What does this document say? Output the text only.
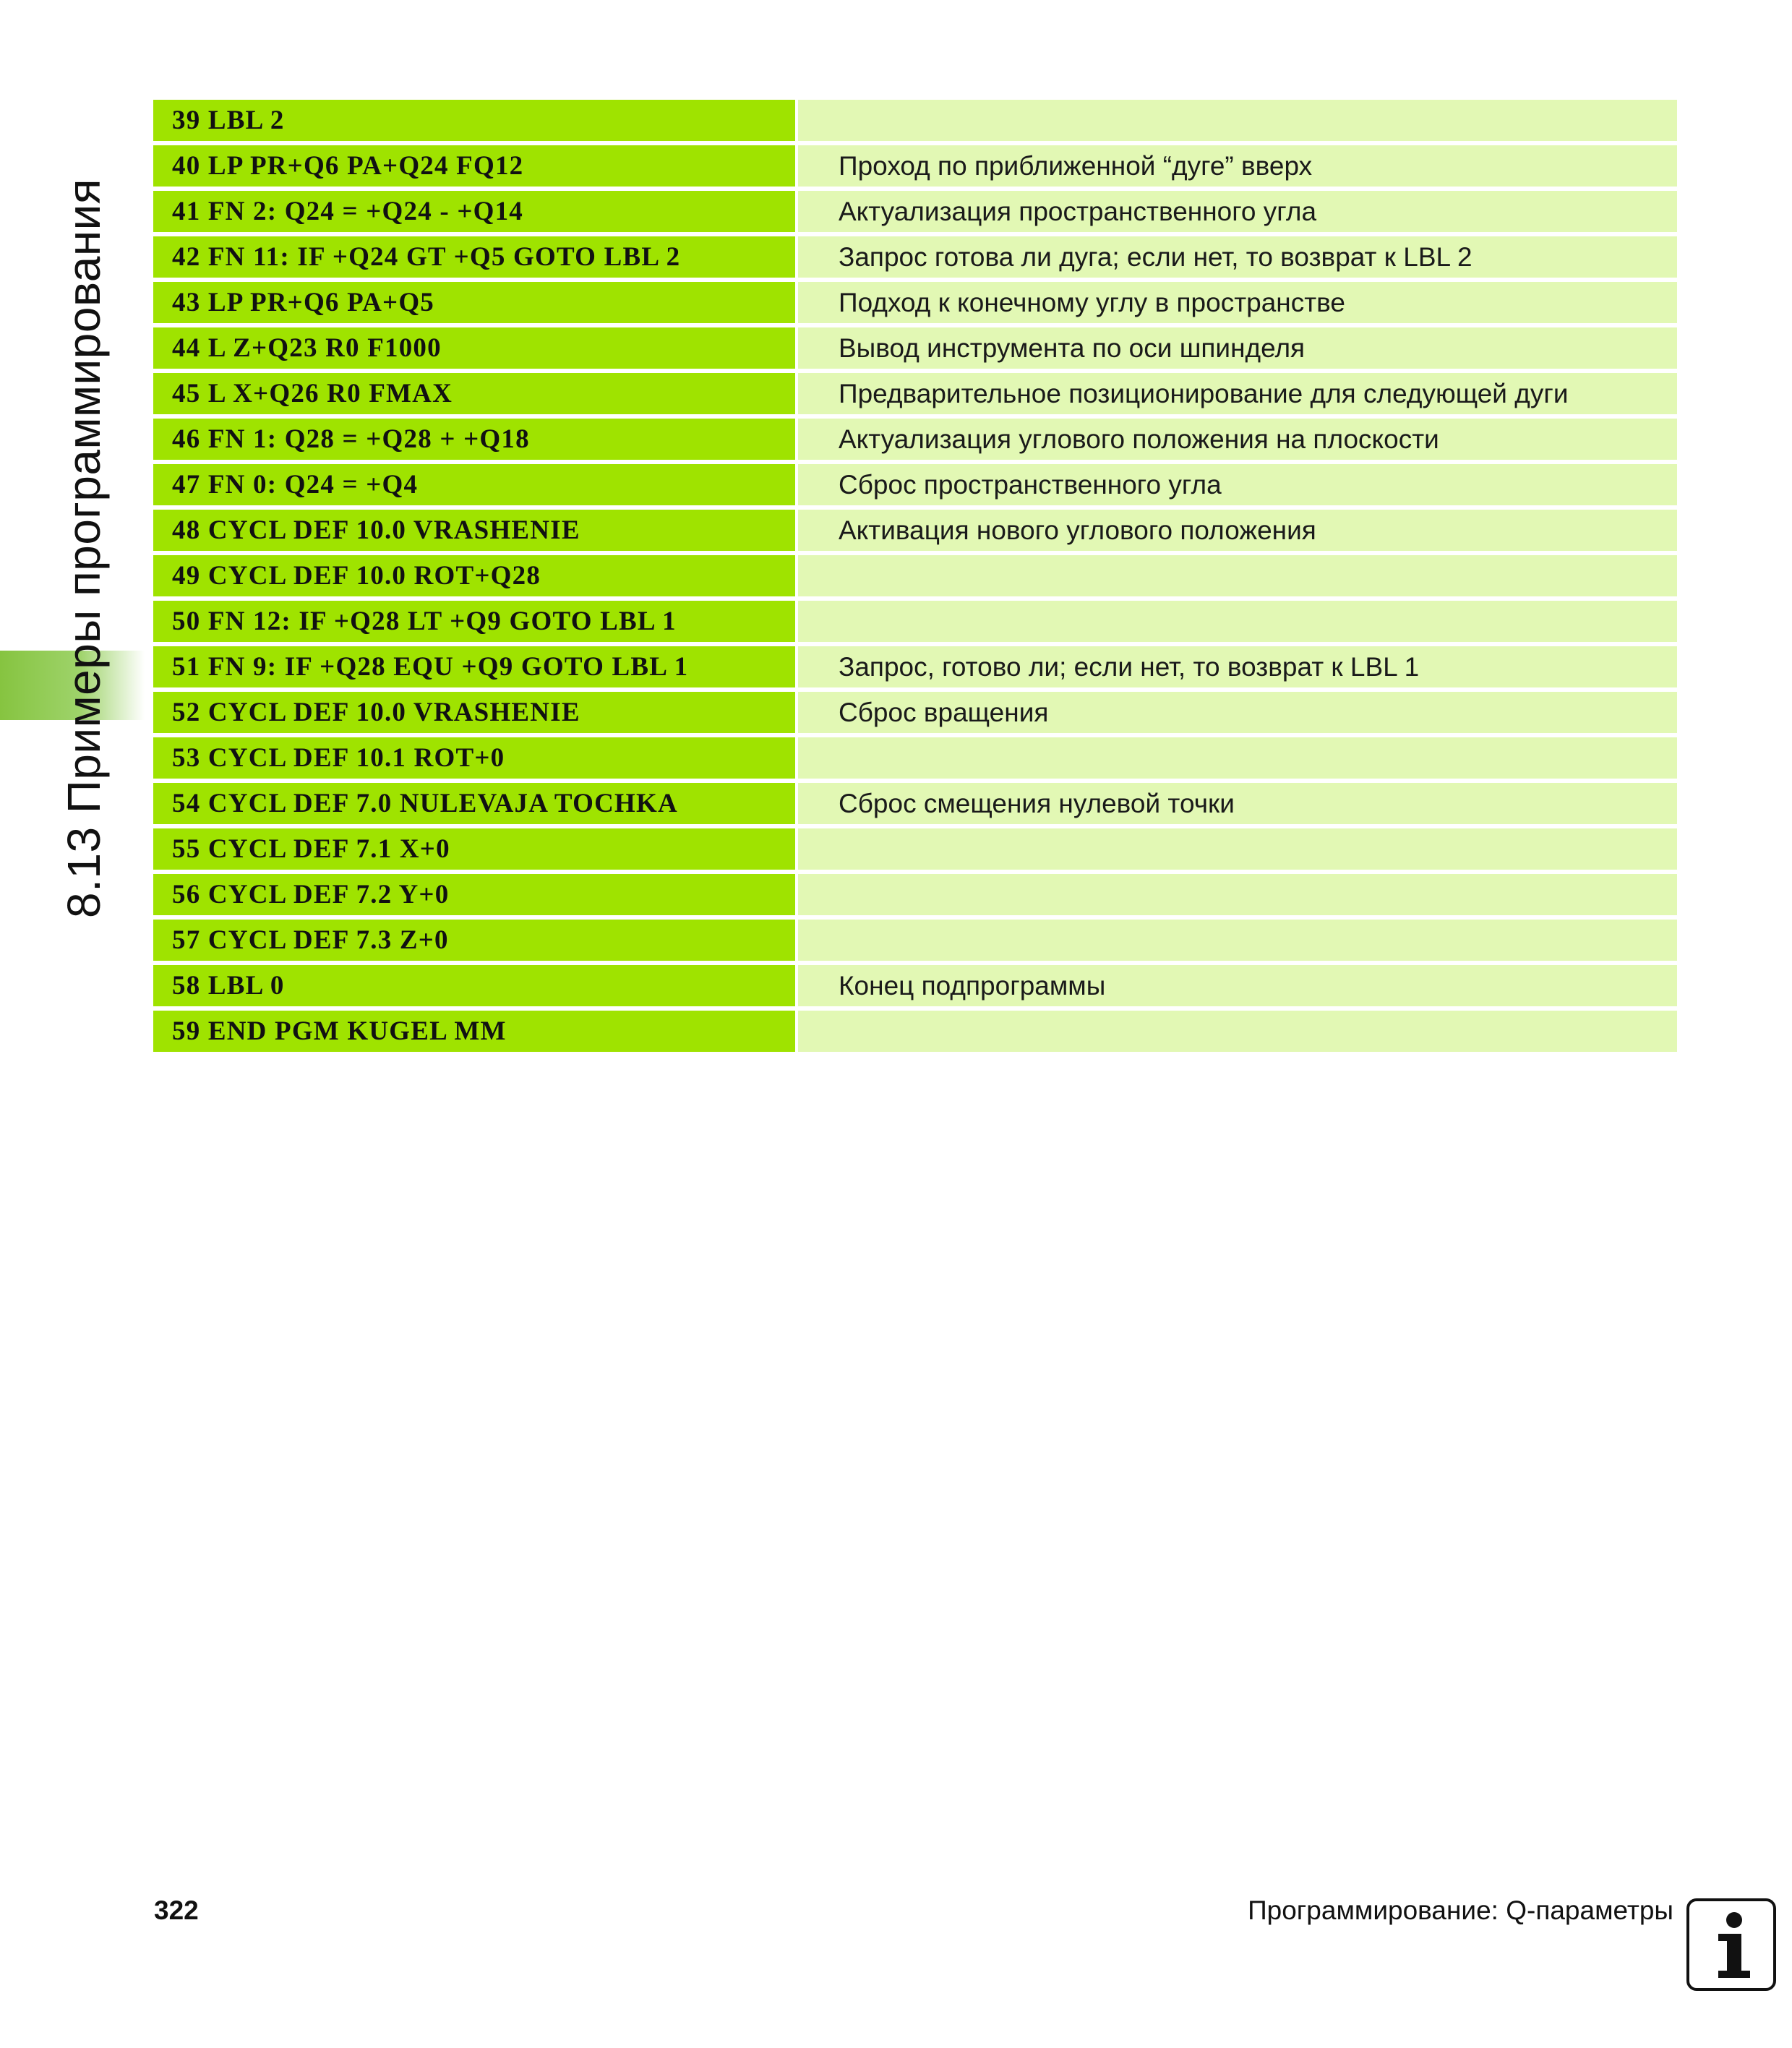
8.13 Примеры программирования
39 LBL 2
40 LP PR+Q6 PA+Q24 FQ12	Проход по приближенной “дуге” вверх
41 FN 2: Q24 = +Q24 - +Q14	Актуализация пространственного угла
42 FN 11: IF +Q24 GT +Q5 GOTO LBL 2	Запрос готова ли дуга; если нет, то возврат к LBL 2
43 LP PR+Q6 PA+Q5	Подход к конечному углу в пространстве
44 L Z+Q23 R0 F1000	Вывод инструмента по оси шпинделя
45 L X+Q26 R0 FMAX	Предварительное позиционирование для следующей дуги
46 FN 1: Q28 = +Q28 + +Q18	Актуализация углового положения на плоскости
47 FN 0: Q24 = +Q4	Сброс пространственного угла
48 CYCL DEF 10.0 VRASHENIE	Активация нового углового положения
49 CYCL DEF 10.0 ROT+Q28
50 FN 12: IF +Q28 LT +Q9 GOTO LBL 1
51 FN 9: IF +Q28 EQU +Q9 GOTO LBL 1	Запрос, готово ли; если нет, то возврат к LBL 1
52 CYCL DEF 10.0 VRASHENIE	Сброс вращения
53 CYCL DEF 10.1 ROT+0
54 CYCL DEF 7.0 NULEVAJA TOCHKA	Сброс смещения нулевой точки
55 CYCL DEF 7.1 X+0
56 CYCL DEF 7.2 Y+0
57 CYCL DEF 7.3 Z+0
58 LBL 0	Конец подпрограммы
59 END PGM KUGEL MM
322	Программирование: Q-параметры
